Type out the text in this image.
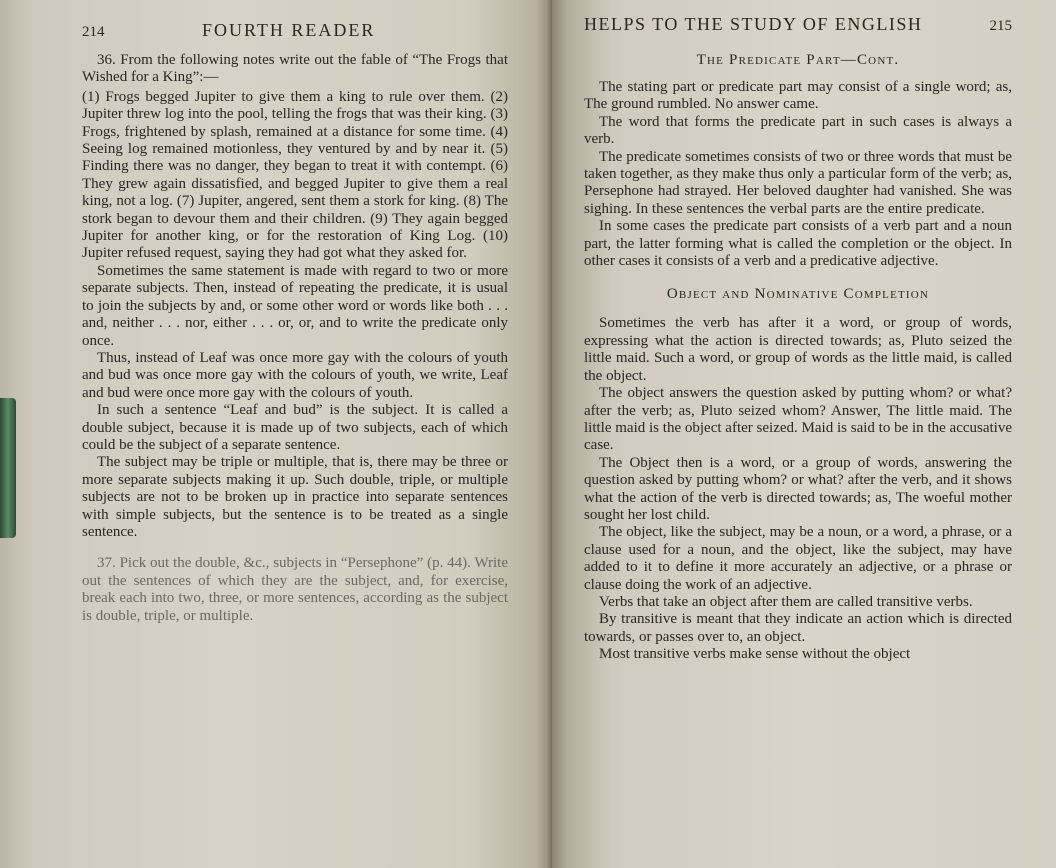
214	FOURTH READER

36. From the following notes write out the fable of “The Frogs that Wished for a King”:—

(1) Frogs begged Jupiter to give them a king to rule over them. (2) Jupiter threw log into the pool, telling the frogs that was their king. (3) Frogs, frightened by splash, remained at a distance for some time. (4) Seeing log remained motionless, they ventured by and by near it. (5) Finding there was no danger, they began to treat it with contempt. (6) They grew again dissatisfied, and begged Jupiter to give them a real king, not a log. (7) Jupiter, angered, sent them a stork for king. (8) The stork began to devour them and their children. (9) They again begged Jupiter for another king, or for the restoration of King Log. (10) Jupiter refused request, saying they had got what they asked for.

Sometimes the same statement is made with regard to two or more separate subjects. Then, instead of repeating the predicate, it is usual to join the subjects by and, or some other word or words like both . . . and, neither . . . nor, either . . . or, or, and to write the predicate only once.

Thus, instead of Leaf was once more gay with the colours of youth and bud was once more gay with the colours of youth, we write, Leaf and bud were once more gay with the colours of youth.

In such a sentence “Leaf and bud” is the subject. It is called a double subject, because it is made up of two subjects, each of which could be the subject of a separate sentence.

The subject may be triple or multiple, that is, there may be three or more separate subjects making it up. Such double, triple, or multiple subjects are not to be broken up in practice into separate sentences with simple subjects, but the sentence is to be treated as a single sentence.

37. Pick out the double, &c., subjects in “Persephone” (p. 44). Write out the sentences of which they are the subject, and, for exercise, break each into two, three, or more sentences, according as the subject is double, triple, or multiple.

HELPS TO THE STUDY OF ENGLISH	215
The Predicate Part—Cont.

The stating part or predicate part may consist of a single word; as, The ground rumbled. No answer came.

The word that forms the predicate part in such cases is always a verb.

The predicate sometimes consists of two or three words that must be taken together, as they make thus only a particular form of the verb; as, Persephone had strayed. Her beloved daughter had vanished. She was sighing. In these sentences the verbal parts are the entire predicate.

In some cases the predicate part consists of a verb part and a noun part, the latter forming what is called the completion or the object. In other cases it consists of a verb and a predicative adjective.

Object and Nominative Completion

Sometimes the verb has after it a word, or group of words, expressing what the action is directed towards; as, Pluto seized the little maid. Such a word, or group of words as the little maid, is called the object.

The object answers the question asked by putting whom? or what? after the verb; as, Pluto seized whom? Answer, The little maid. The little maid is the object after seized. Maid is said to be in the accusative case.

The Object then is a word, or a group of words, answering the question asked by putting whom? or what? after the verb, and it shows what the action of the verb is directed towards; as, The woeful mother sought her lost child.

The object, like the subject, may be a noun, or a word, a phrase, or a clause used for a noun, and the object, like the subject, may have added to it to define it more accurately an adjective, or a phrase or clause doing the work of an adjective.

Verbs that take an object after them are called transitive verbs.

By transitive is meant that they indicate an action which is directed towards, or passes over to, an object.

Most transitive verbs make sense without the object
